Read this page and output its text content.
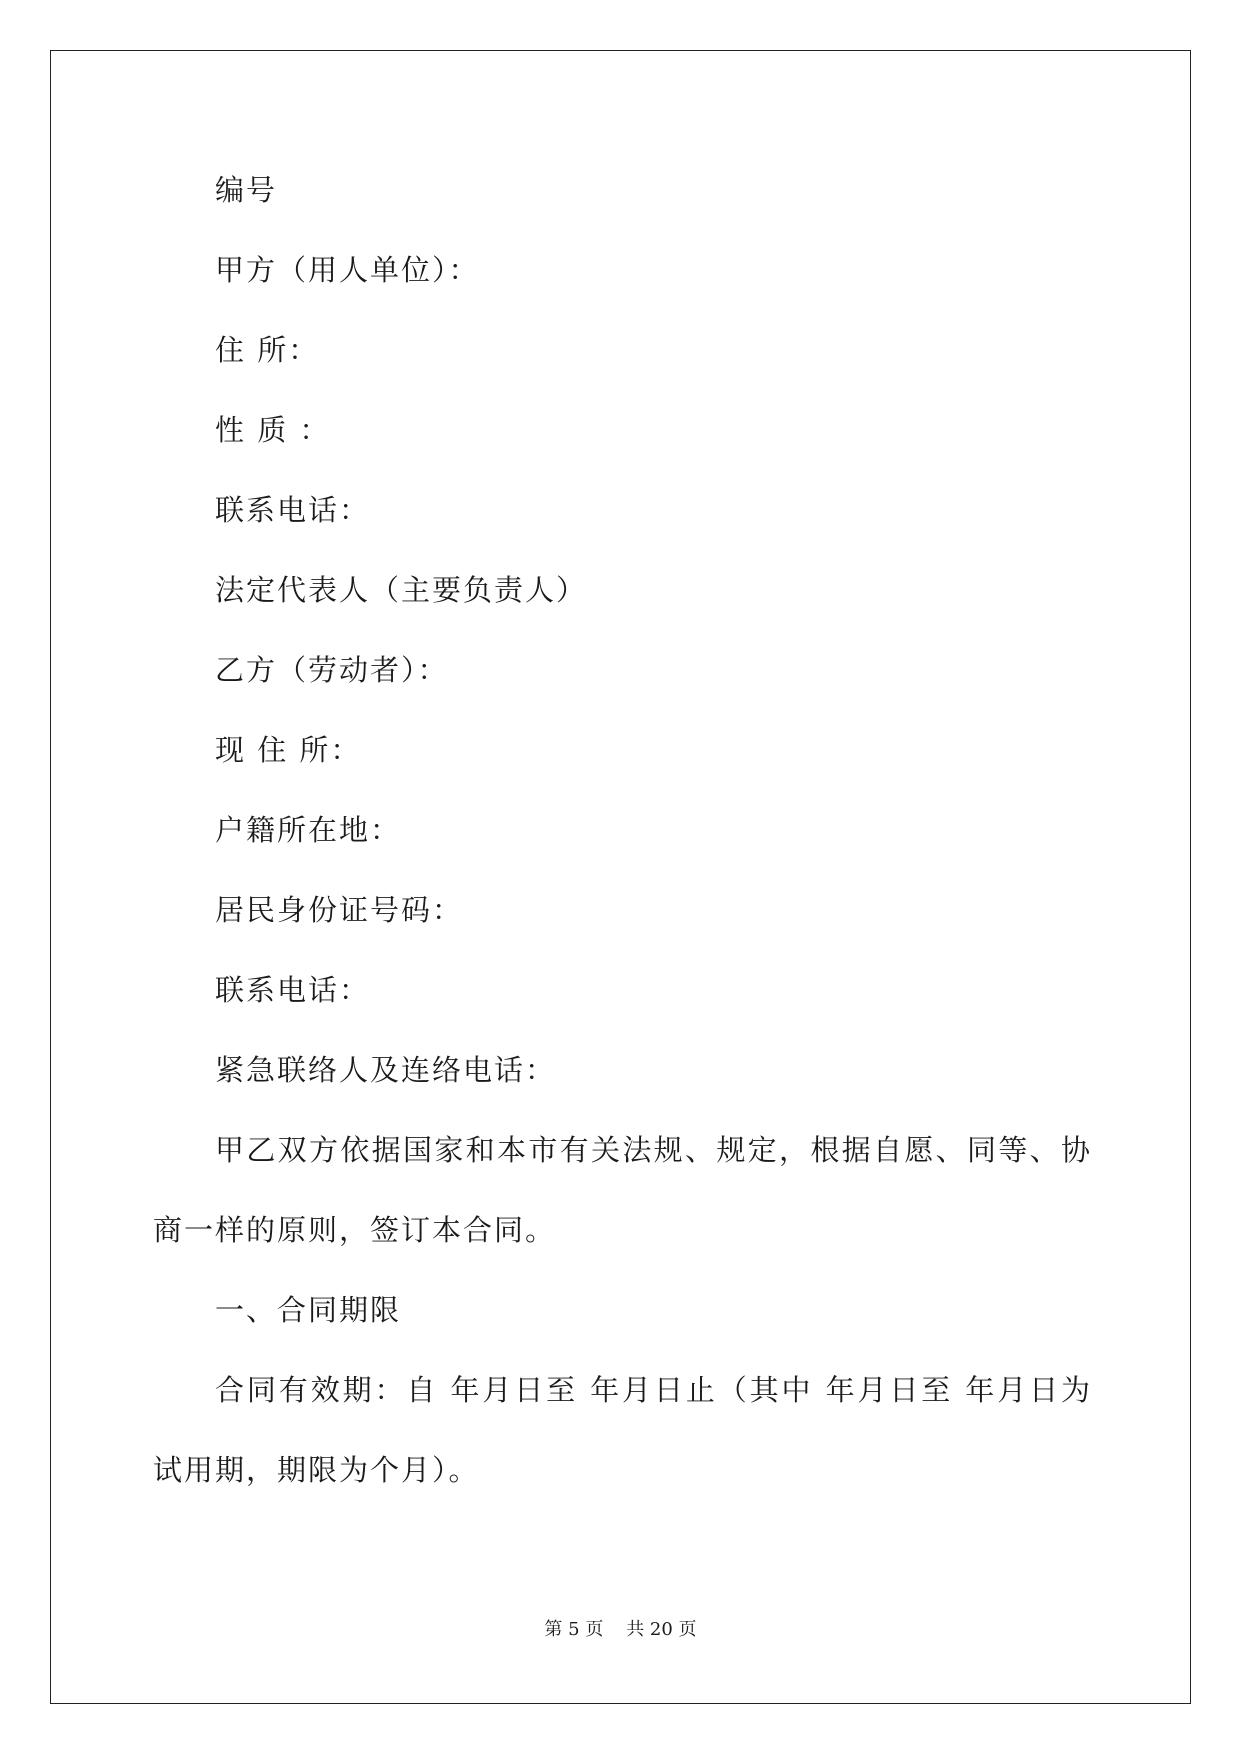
编号
甲方（用人单位）：
住 所：
性 质 ：
联系电话：
法定代表人（主要负责人）
乙方（劳动者）：
现 住 所：
户籍所在地：
居民身份证号码：
联系电话：
紧急联络人及连络电话：
甲乙双方依据国家和本市有关法规、规定，根据自愿、同等、协
商一样的原则，签订本合同。
一、合同期限
合同有效期：自 年月日至 年月日止（其中 年月日至 年月日为
试用期，期限为个月）。
第 5 页    共 20 页
